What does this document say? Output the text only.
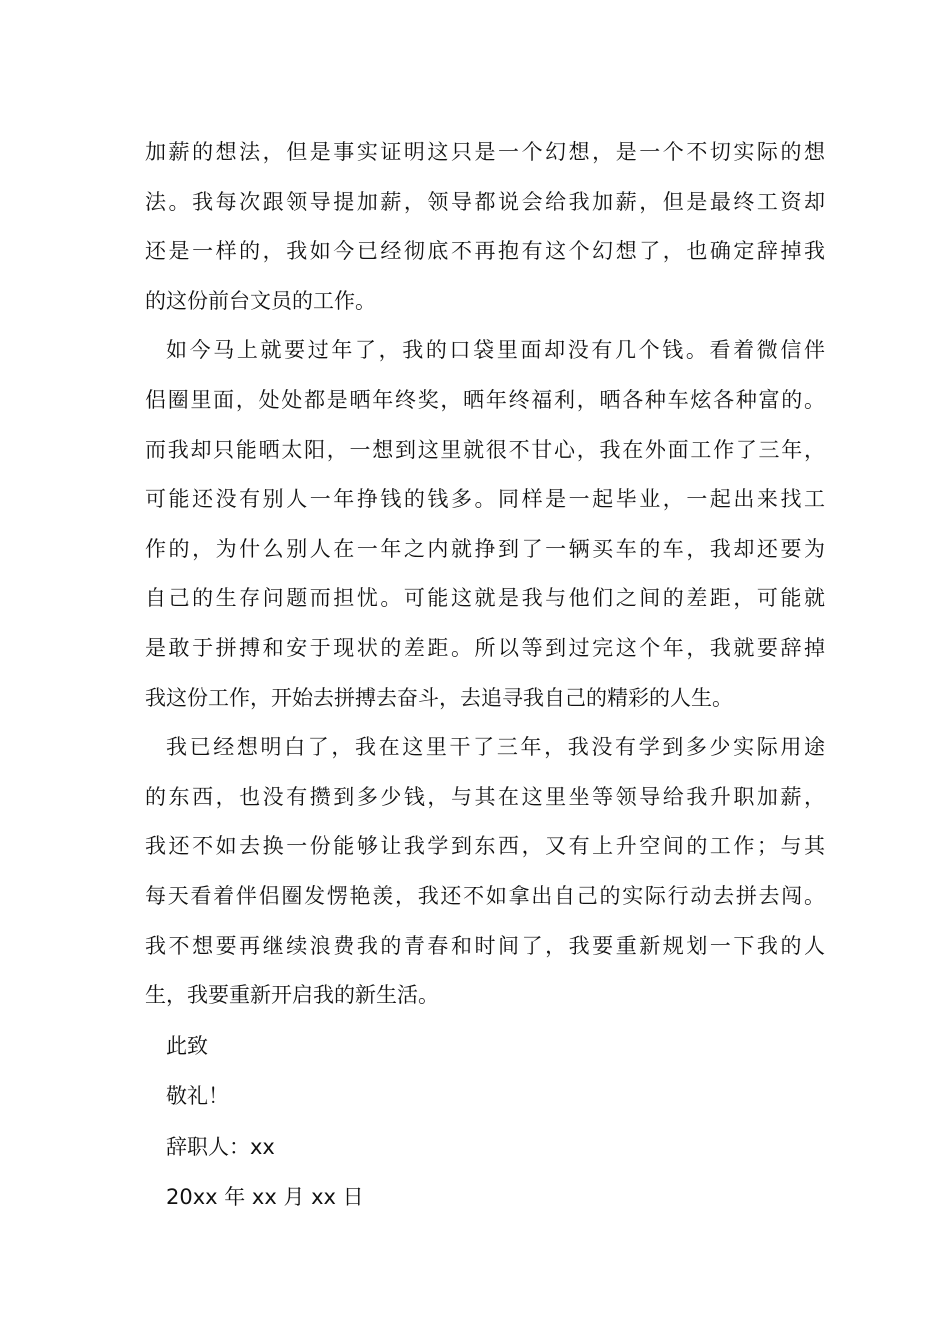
加薪的想法，但是事实证明这只是一个幻想，是一个不切实际的想
法。我每次跟领导提加薪，领导都说会给我加薪，但是最终工资却
还是一样的，我如今已经彻底不再抱有这个幻想了，也确定辞掉我
的这份前台文员的工作。
如今马上就要过年了，我的口袋里面却没有几个钱。看着微信伴
侣圈里面，处处都是晒年终奖，晒年终福利，晒各种车炫各种富的。
而我却只能晒太阳，一想到这里就很不甘心，我在外面工作了三年，
可能还没有别人一年挣钱的钱多。同样是一起毕业，一起出来找工
作的，为什么别人在一年之内就挣到了一辆买车的车，我却还要为
自己的生存问题而担忧。可能这就是我与他们之间的差距，可能就
是敢于拼搏和安于现状的差距。所以等到过完这个年，我就要辞掉
我这份工作，开始去拼搏去奋斗，去追寻我自己的精彩的人生。
我已经想明白了，我在这里干了三年，我没有学到多少实际用途
的东西，也没有攒到多少钱，与其在这里坐等领导给我升职加薪，
我还不如去换一份能够让我学到东西，又有上升空间的工作；与其
每天看着伴侣圈发愣艳羡，我还不如拿出自己的实际行动去拼去闯。
我不想要再继续浪费我的青春和时间了，我要重新规划一下我的人
生，我要重新开启我的新生活。
此致
敬礼！
辞职人：xx
20xx 年 xx 月 xx 日
